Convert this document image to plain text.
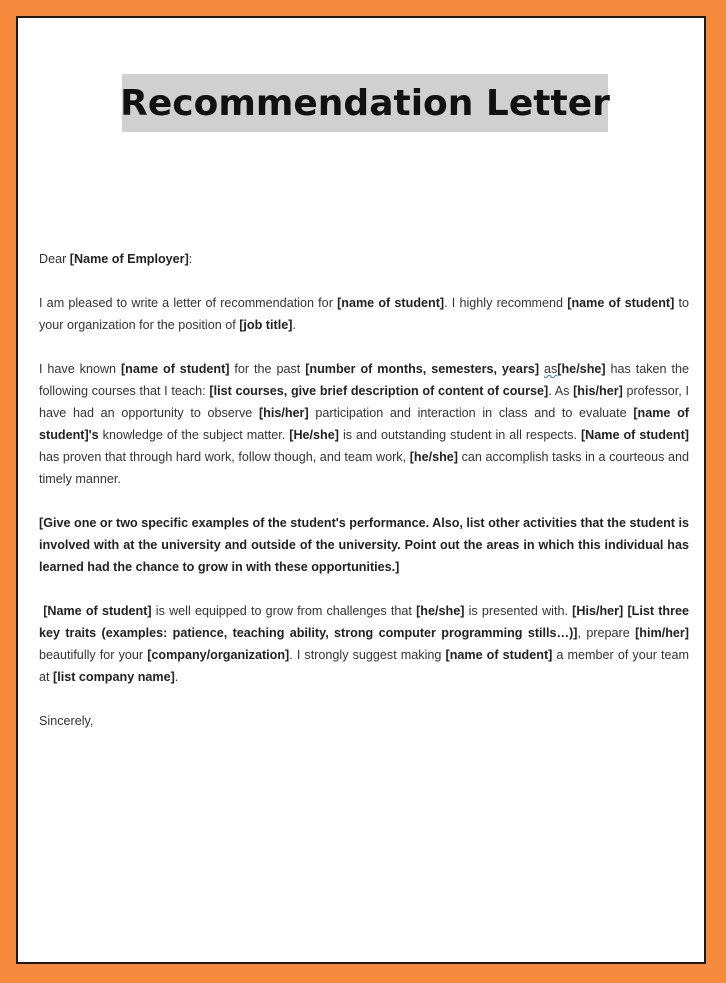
Recommendation Letter

Dear [Name of Employer]:

I am pleased to write a letter of recommendation for [name of student]. I highly recommend [name of student] to your organization for the position of [job title].

I have known [name of student] for the past [number of months, semesters, years] as[he/she] has taken the following courses that I teach: [list courses, give brief description of content of course]. As [his/her] professor, I have had an opportunity to observe [his/her] participation and interaction in class and to evaluate [name of student]'s knowledge of the subject matter. [He/she] is and outstanding student in all respects. [Name of student] has proven that through hard work, follow though, and team work, [he/she] can accomplish tasks in a courteous and timely manner.

[Give one or two specific examples of the student's performance. Also, list other activities that the student is involved with at the university and outside of the university. Point out the areas in which this individual has learned had the chance to grow in with these opportunities.]

[Name of student] is well equipped to grow from challenges that [he/she] is presented with. [His/her] [List three key traits (examples: patience, teaching ability, strong computer programming stills…)], prepare [him/her] beautifully for your [company/organization]. I strongly suggest making [name of student] a member of your team at [list company name].

Sincerely,
